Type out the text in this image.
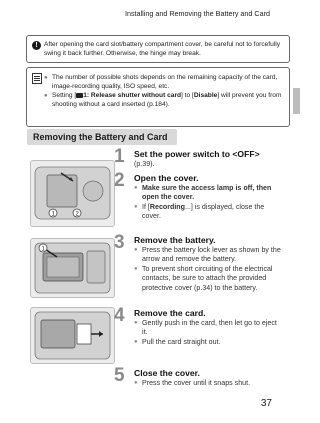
Installing and Removing the Battery and Card
! After opening the card slot/battery compartment cover, be careful not to forcefully swing it back further. Otherwise, the hinge may break.
● The number of possible shots depends on the remaining capacity of the card, image-recording quality, ISO speed, etc.
● Setting [ 1: Release shutter without card] to [Disable] will prevent you from shooting without a card inserted (p.184).
Removing the Battery and Card
1	2
1
1 Set the power switch to <OFF>
(p.39).
2 Open the cover.
● Make sure the access lamp is off, then open the cover.
● If [Recording...] is displayed, close the cover.
3 Remove the battery.
● Press the battery lock lever as shown by the arrow and remove the battery.
● To prevent short circuiting of the electrical contacts, be sure to attach the provided protective cover (p.34) to the battery.
4 Remove the card.
● Gently push in the card, then let go to eject it.
● Pull the card straight out.
5 Close the cover.
● Press the cover until it snaps shut.
37
